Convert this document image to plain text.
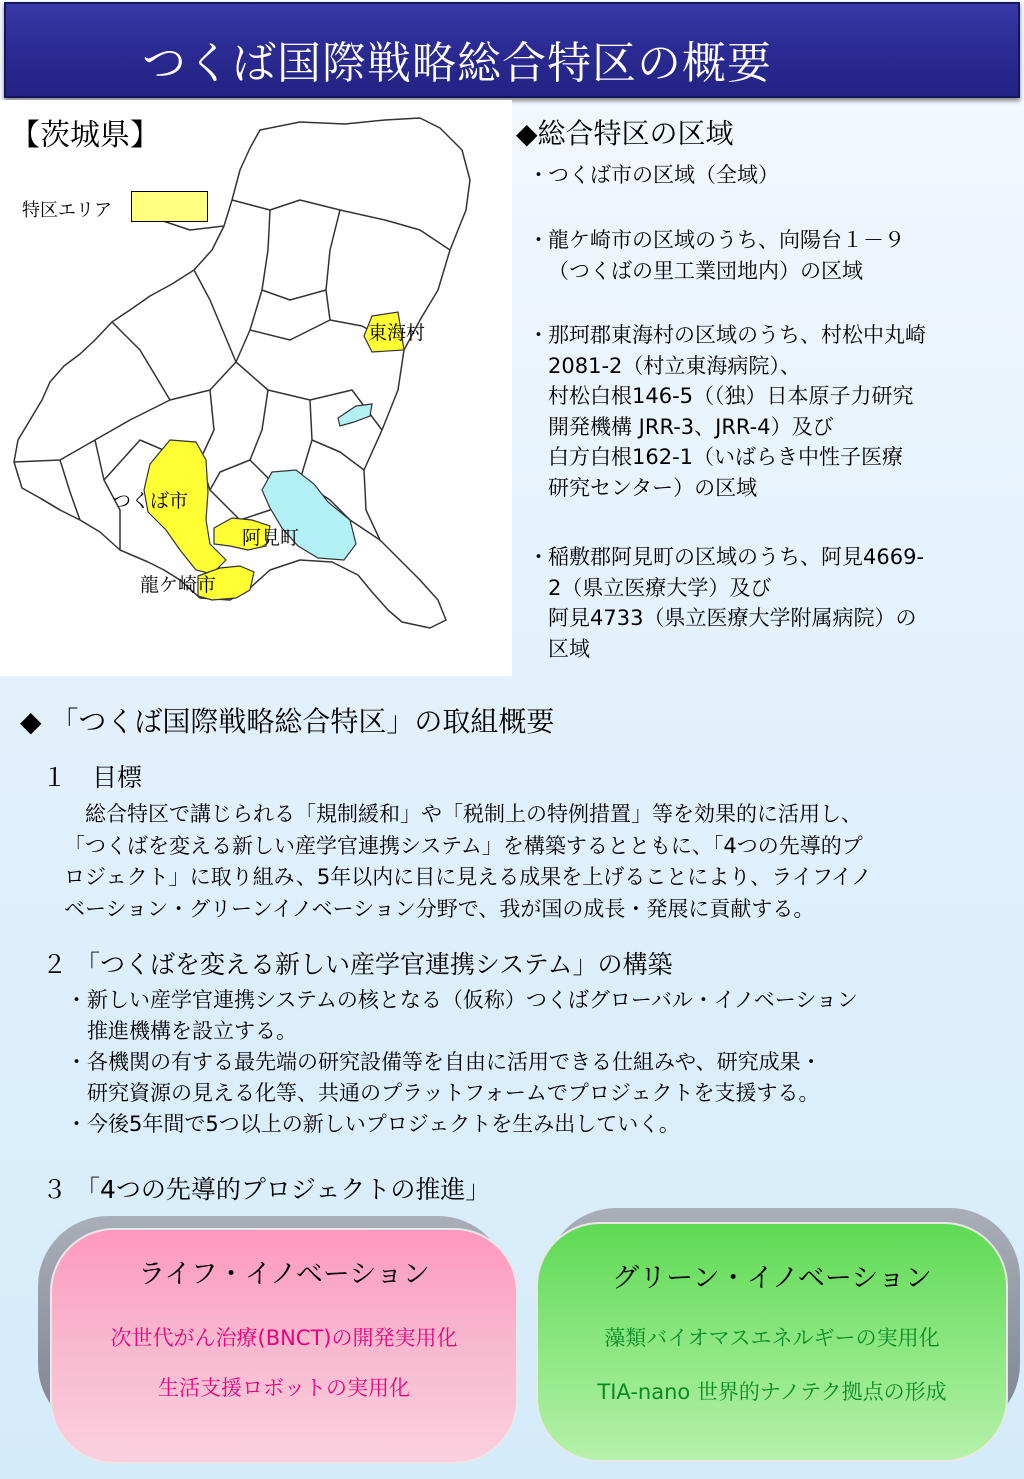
つくば国際戦略総合特区の概要
【茨城県】
特区エリア
東海村
つくば市
阿見町
龍ケ崎市
◆総合特区の区域
・つくば市の区域（全域）
・龍ケ崎市の区域のうち、向陽台１－９
（つくばの里工業団地内）の区域
・那珂郡東海村の区域のうち、村松中丸崎
2081-2（村立東海病院）、
村松白根146-5（（独）日本原子力研究
開発機構 JRR-3、JRR-4）及び
白方白根162-1（いばらき中性子医療
研究センター）の区域
・稲敷郡阿見町の区域のうち、阿見4669-
2（県立医療大学）及び
阿見4733（県立医療大学附属病院）の
区域
◆ 「つくば国際戦略総合特区」の取組概要
１　目標
　総合特区で講じられる「規制緩和」や「税制上の特例措置」等を効果的に活用し、
「つくばを変える新しい産学官連携システム」を構築するとともに、「4つの先導的プ
ロジェクト」に取り組み、5年以内に目に見える成果を上げることにより、ライフイノ
ベーション・グリーンイノベーション分野で、我が国の成長・発展に貢献する。
２ 「つくばを変える新しい産学官連携システム」の構築
・新しい産学官連携システムの核となる（仮称）つくばグローバル・イノベーション
　推進機構を設立する。
・各機関の有する最先端の研究設備等を自由に活用できる仕組みや、研究成果・
　研究資源の見える化等、共通のプラットフォームでプロジェクトを支援する。
・今後5年間で5つ以上の新しいプロジェクトを生み出していく。
３ 「4つの先導的プロジェクトの推進」
ライフ・イノベーション
次世代がん治療(BNCT)の開発実用化
生活支援ロボットの実用化
グリーン・イノベーション
藻類バイオマスエネルギーの実用化
TIA-nano 世界的ナノテク拠点の形成
